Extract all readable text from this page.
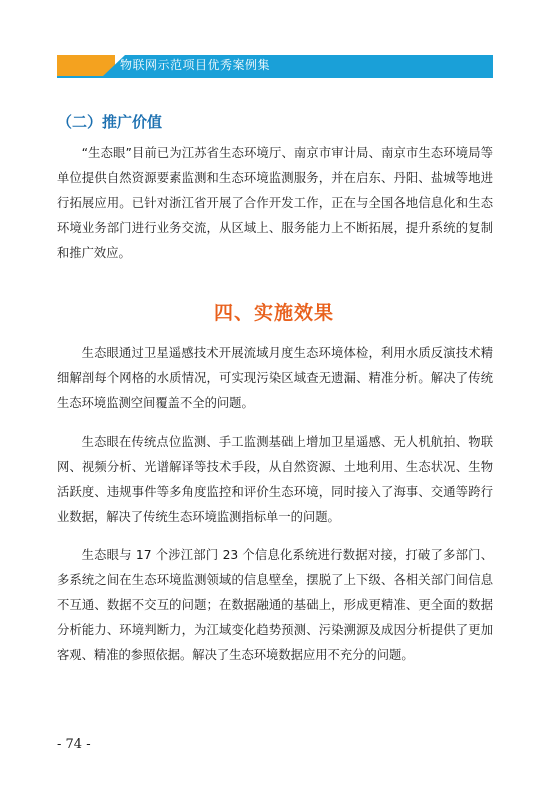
物联网示范项目优秀案例集
（二）推广价值

“生态眼”目前已为江苏省生态环境厅、南京市审计局、南京市生态环境局等单位提供自然资源要素监测和生态环境监测服务，并在启东、丹阳、盐城等地进行拓展应用。已针对浙江省开展了合作开发工作，正在与全国各地信息化和生态环境业务部门进行业务交流，从区域上、服务能力上不断拓展，提升系统的复制和推广效应。

四、实施效果

生态眼通过卫星遥感技术开展流域月度生态环境体检，利用水质反演技术精细解剖每个网格的水质情况，可实现污染区域查无遗漏、精准分析。解决了传统生态环境监测空间覆盖不全的问题。

生态眼在传统点位监测、手工监测基础上增加卫星遥感、无人机航拍、物联网、视频分析、光谱解译等技术手段，从自然资源、土地利用、生态状况、生物活跃度、违规事件等多角度监控和评价生态环境，同时接入了海事、交通等跨行业数据，解决了传统生态环境监测指标单一的问题。

生态眼与 17 个涉江部门 23 个信息化系统进行数据对接，打破了多部门、多系统之间在生态环境监测领域的信息壁垒，摆脱了上下级、各相关部门间信息不互通、数据不交互的问题；在数据融通的基础上，形成更精准、更全面的数据分析能力、环境判断力，为江域变化趋势预测、污染溯源及成因分析提供了更加客观、精准的参照依据。解决了生态环境数据应用不充分的问题。

- 74 -
